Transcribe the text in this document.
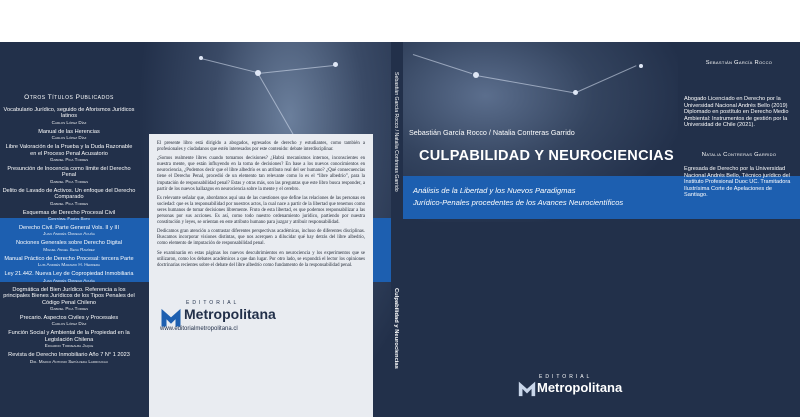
Otros Títulos Publicados
Vocabulario Jurídico, seguido de Aforismos Jurídicos latinos
Carlos López Díaz
Manual de las Herencias
Carlos López Díaz
Libre Valoración de la Prueba y la Duda Razonable en el Proceso Penal Acusatorio
Gabriel Pica Torres
Presunción de Inocencia como límite del Derecho Penal
Gabriel Pica Torres
Delito de Lavado de Activos. Un enfoque del Derecho Comparado
Gabriel Pica Torres
Esquemas de Derecho Procesal Civil
Cristóbal Farías Soto
Derecho Civil. Parte General Vols. II y III
Juan Andrés Orrego Acuña
Nociones Generales sobre Derecho Digital
Miguel Angel Sena Ramírez
Manual Práctico de Derecho Procesal: tercera Parte
Luis Andrés Maramio H. Herrera
Ley 21.442. Nueva Ley de Copropiedad Inmobiliaria
Juan Andrés Orrego Acuña
Dogmática del Bien Jurídico. Referencia a los principales Bienes Jurídicos de los Tipos Penales del Código Penal Chileno
Gabriel Pica Torres
Precario. Aspectos Civiles y Procesales
Carlos López Díaz
Función Social y Ambiental de la Propiedad en la Legislación Chilena
Eduardo Torrealba Jaque
Revista de Derecho Inmobiliario Año 7 N° 1 2023
Dir. Marco Antonio Sepúlveda Larroucau

El presente libro está dirigido a abogados, egresados de derecho y estudiantes, como también a profesionales y ciudadanos que estén interesados por este contenido: debate interdisciplinar.

¿Somos realmente libres cuando tomamos decisiones? ¿Habrá mecanismos internos, inconscientes en nuestra mente, que están influyendo en la toma de decisiones? En base a los nuevos conocimientos en neurociencia, ¿Podemos decir que el libre albedrío es un atributo real del ser humano? ¿Qué consecuencias tiene el Derecho Penal, procedió de un elemento tan relevante como lo es el “libre albedrío”, para la imputación de responsabilidad penal? Estas y otras más, son las preguntas que este libro busca responder, a partir de los nuevos hallazgos en neurociencia sobre la mente y el cerebro.

Es relevante señalar que, abordamos aquí una de las cuestiones que define las relaciones de las personas en sociedad: que es la responsabilidad por nuestros actos, la cual nace a partir de la libertad que tenemos como seres humanos de tomar decisiones libremente. Fruto de esta libertad, es que podemos responsabilizar a las personas por sus acciones. Es así, como todo nuestro ordenamiento jurídico, partiendo por nuestra constitución y leyes, se orientan en este atributo humano para juzgar y atribuir responsabilidad.

Dedicamos gran atención a contrastar diferentes perspectivas académicas, incluso de diferentes disciplinas. Buscamos incorporar visiones distintas, que nos acerquen a dilucidar qué hay detrás del libre albedrío, como elemento de imputación de responsabilidad penal.

Se examinarán en estas páginas los nuevos descubrimientos en neurociencia y los experimentos que se utilizaron, como los debates académicos a que dan lugar. Por otro lado, se expondrá el lector los opiniones doctrinarias recientes sobre el debate del libre albedrío como fundamento de la responsabilidad penal.

EDITORIAL
Metropolitana
www.editorialmetropolitana.cl
Sebastián García Rocco / Natalia Contreras Garrido
Culpabilidad y Neurociencias
Sebastián García Rocco / Natalia Contreras Garrido
CULPABILIDAD Y NEUROCIENCIAS
Análisis de la Libertad y los Nuevos Paradigmas
Jurídico-Penales procedentes de los Avances Neurocientíficos
EDITORIAL
Metropolitana
Sebastián García Rocco
Abogado Licenciado en Derecho por la Universidad Nacional Andrés Bello (2019) Diplomado en postítulo en Derecho Medio Ambiental: Instrumentos de gestión por la Universidad de Chile (2021).
Natalia Contreras Garrido
Egresada de Derecho por la Universidad Nacional Andrés Bello, Técnico jurídico del Instituto Profesional Duoc UC. Tramitadora Ilustrísima Corte de Apelaciones de Santiago.
